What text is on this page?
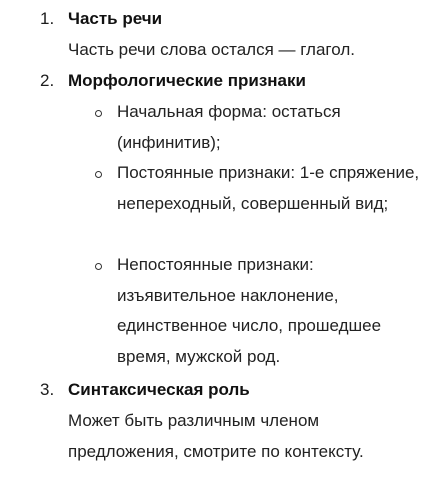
1. Часть речи
Часть речи слова остался — глагол.
2. Морфологические признаки
Начальная форма: остаться (инфинитив);
Постоянные признаки: 1-е спряжение, непереходный, совершенный вид;
Непостоянные признаки: изъявительное наклонение, единственное число, прошедшее время, мужской род.
3. Синтаксическая роль
Может быть различным членом предложения, смотрите по контексту.
